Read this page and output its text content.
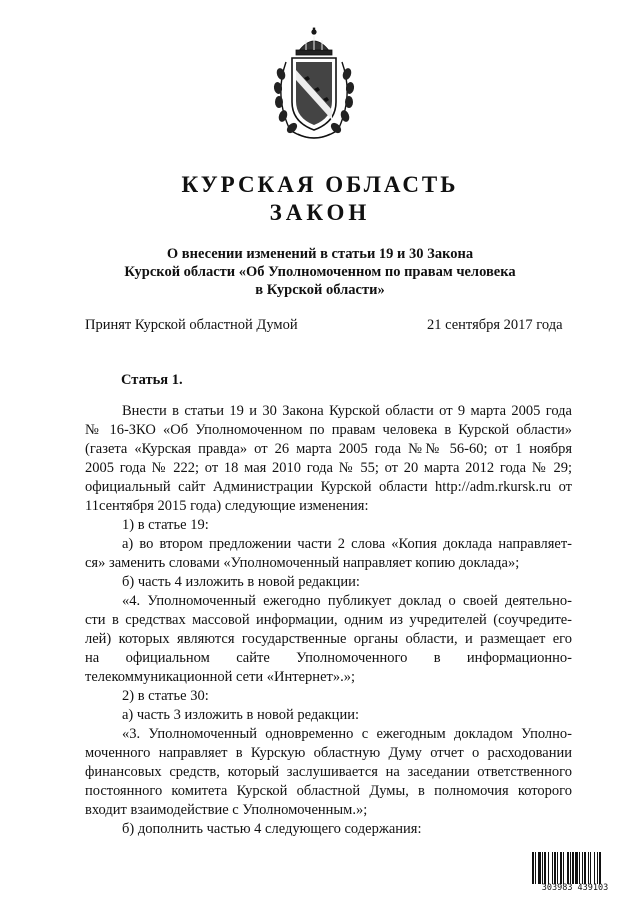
КУРСКАЯ ОБЛАСТЬ
ЗАКОН
О внесении изменений в статьи 19 и 30 Закона
Курской области «Об Уполномоченном по правам человека
в Курской области»
Принят Курской областной Думой	21 сентября 2017 года
Статья 1.
Внести в статьи 19 и 30 Закона Курской области от 9 марта 2005 года
№ 16-ЗКО «Об Уполномоченном по правам человека в Курской области»
(газета «Курская правда» от 26 марта 2005 года №№ 56-60; от 1 ноября
2005 года № 222; от 18 мая 2010 года № 55; от 20 марта 2012 года № 29;
официальный сайт Администрации Курской области http://adm.rkursk.ru от
11сентября 2015 года) следующие изменения:
1) в статье 19:
а) во втором предложении части 2 слова «Копия доклада направляет-
ся» заменить словами «Уполномоченный направляет копию доклада»;
б) часть 4 изложить в новой редакции:
«4. Уполномоченный ежегодно публикует доклад о своей деятельно-
сти в средствах массовой информации, одним из учредителей (соучредите-
лей) которых являются государственные органы области, и размещает его
на официальном сайте Уполномоченного в информационно-
телекоммуникационной сети «Интернет».»;
2) в статье 30:
а) часть 3 изложить в новой редакции:
«3. Уполномоченный одновременно с ежегодным докладом Уполно-
моченного направляет в Курскую областную Думу отчет о расходовании
финансовых средств, который заслушивается на заседании ответственного
постоянного комитета Курской областной Думы, в полномочия которого
входит взаимодействие с Уполномоченным.»;
б) дополнить частью 4 следующего содержания:
303983 439103
